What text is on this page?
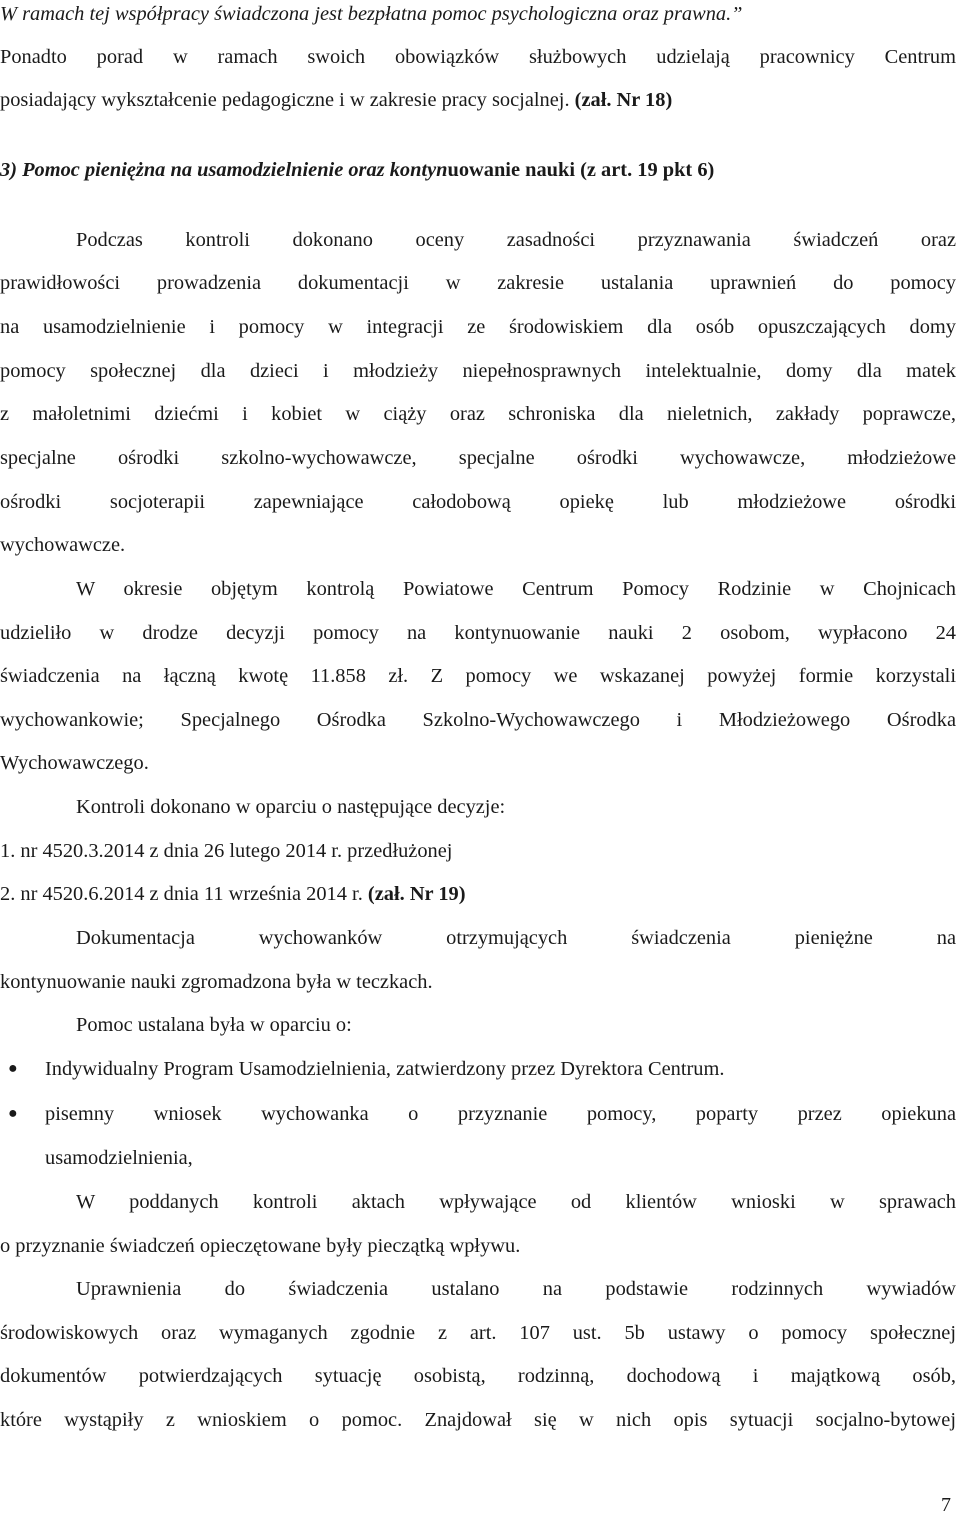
W ramach tej współpracy świadczona jest bezpłatna pomoc psychologiczna oraz prawna.”
Ponadto porad w ramach swoich obowiązków służbowych udzielają pracownicy Centrum
posiadający wykształcenie pedagogiczne i w zakresie pracy socjalnej. (zał. Nr 18)
3) Pomoc pieniężna na usamodzielnienie oraz kontynuowanie nauki (z art. 19 pkt 6)
Podczas kontroli dokonano oceny zasadności przyznawania świadczeń oraz
prawidłowości prowadzenia dokumentacji w zakresie ustalania uprawnień do pomocy
na usamodzielnienie i pomocy w integracji ze środowiskiem dla osób opuszczających domy
pomocy społecznej dla dzieci i młodzieży niepełnosprawnych intelektualnie, domy dla matek
z małoletnimi dziećmi i kobiet w ciąży oraz schroniska dla nieletnich, zakłady poprawcze,
specjalne ośrodki szkolno-wychowawcze, specjalne ośrodki wychowawcze, młodzieżowe
ośrodki socjoterapii zapewniające całodobową opiekę lub młodzieżowe ośrodki
wychowawcze.
W okresie objętym kontrolą Powiatowe Centrum Pomocy Rodzinie w Chojnicach
udzieliło w drodze decyzji pomocy na kontynuowanie nauki 2 osobom, wypłacono 24
świadczenia na łączną kwotę 11.858 zł. Z pomocy we wskazanej powyżej formie korzystali
wychowankowie; Specjalnego Ośrodka Szkolno-Wychowawczego i Młodzieżowego Ośrodka
Wychowawczego.
Kontroli dokonano w oparciu o następujące decyzje:
1. nr 4520.3.2014 z dnia 26 lutego 2014 r. przedłużonej
2. nr 4520.6.2014 z dnia 11 września 2014 r. (zał. Nr 19)
Dokumentacja wychowanków otrzymujących świadczenia pieniężne na
kontynuowanie nauki zgromadzona była w teczkach.
Pomoc ustalana była w oparciu o:
● Indywidualny Program Usamodzielnienia, zatwierdzony przez Dyrektora Centrum.
● pisemny wniosek wychowanka o przyznanie pomocy, poparty przez opiekuna
usamodzielnienia,
W poddanych kontroli aktach wpływające od klientów wnioski w sprawach
o przyznanie świadczeń opieczętowane były pieczątką wpływu.
Uprawnienia do świadczenia ustalano na podstawie rodzinnych wywiadów
środowiskowych oraz wymaganych zgodnie z art. 107 ust. 5b ustawy o pomocy społecznej
dokumentów potwierdzających sytuację osobistą, rodzinną, dochodową i majątkową osób,
które wystąpiły z wnioskiem o pomoc. Znajdował się w nich opis sytuacji socjalno-bytowej
7
